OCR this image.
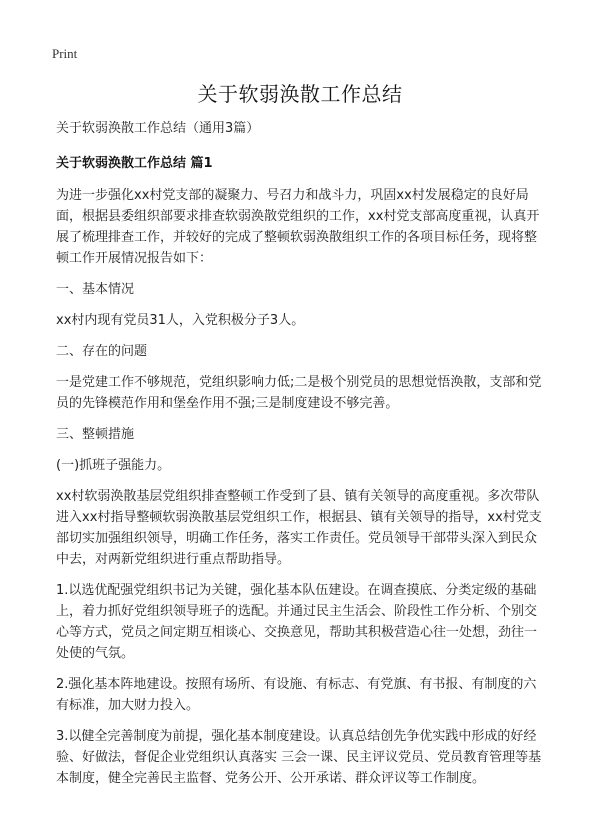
Print
关于软弱涣散工作总结

关于软弱涣散工作总结（通用3篇）

关于软弱涣散工作总结 篇1

为进一步强化xx村党支部的凝聚力、号召力和战斗力，巩固xx村发展稳定的良好局面，根据县委组织部要求排查软弱涣散党组织的工作，xx村党支部高度重视，认真开展了梳理排查工作，并较好的完成了整顿软弱涣散组织工作的各项目标任务，现将整顿工作开展情况报告如下：

一、基本情况

xx村内现有党员31人，入党积极分子3人。

二、存在的问题

一是党建工作不够规范，党组织影响力低;二是极个别党员的思想觉悟涣散，支部和党员的先锋模范作用和堡垒作用不强;三是制度建设不够完善。

三、整顿措施

(一)抓班子强能力。

xx村软弱涣散基层党组织排查整顿工作受到了县、镇有关领导的高度重视。多次带队进入xx村指导整顿软弱涣散基层党组织工作，根据县、镇有关领导的指导，xx村党支部切实加强组织领导，明确工作任务，落实工作责任。党员领导干部带头深入到民众中去，对两新党组织进行重点帮助指导。

1.以选优配强党组织书记为关键，强化基本队伍建设。在调查摸底、分类定级的基础上，着力抓好党组织领导班子的选配。并通过民主生活会、阶段性工作分析、个别交心等方式，党员之间定期互相谈心、交换意见，帮助其积极营造心往一处想，劲往一处使的气氛。

2.强化基本阵地建设。按照有场所、有设施、有标志、有党旗、有书报、有制度的六有标准，加大财力投入。

3.以健全完善制度为前提，强化基本制度建设。认真总结创先争优实践中形成的好经验、好做法，督促企业党组织认真落实 三会一课、民主评议党员、党员教育管理等基本制度，健全完善民主监督、党务公开、公开承诺、群众评议等工作制度。
